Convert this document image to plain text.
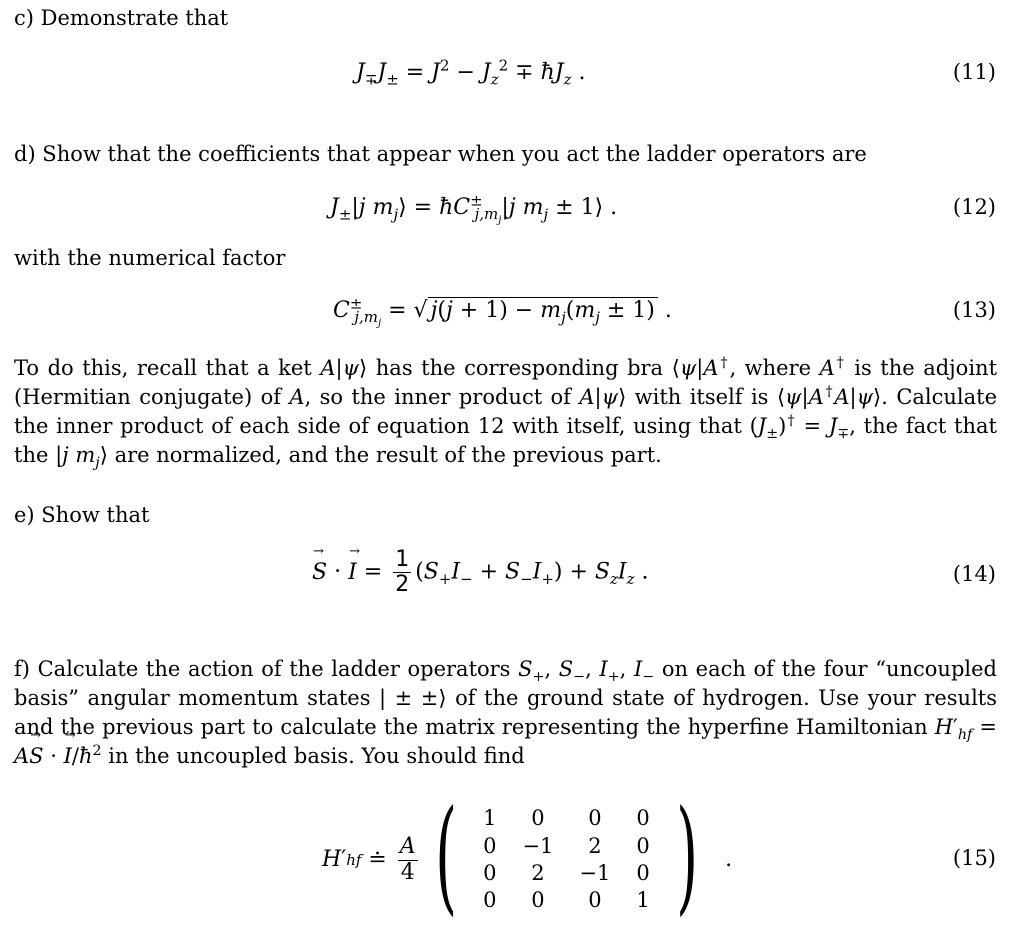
c) Demonstrate that

$J_\mp J_\pm = J^2 - J_z^2$ ∓ $ħJ_z$ .	(11)

d) Show that the coefficients that appear when you act the ladder operators are

$J_\pm|j$ $m_j⟩$ = $ħC^\pm_{j,m_j}|j$ $m_j$ ± 1⟩ .	(12)

with the numerical factor

$C^\pm_{j,m_j}$ = √ $j(j + 1) - m_j(m_j \pm 1)$ .	(13)

To do this, recall that a ket A|ψ⟩ has the corresponding bra ⟨ψ|A†, where A† is the adjoint (Hermitian conjugate) of A, so the inner product of A|ψ⟩ with itself is ⟨ψ|A†A|ψ⟩. Calculate the inner product of each side of equation 12 with itself, using that $(J_\pm)^\dagger = J_\mp$, the fact that the |j $m_j⟩$ are normalized, and the result of the previous part.

e) Show that

S → · I → = $\frac{1}{2} (S_+I_- + S_-I_+) + S_zI_z$ .	(14)

f) Calculate the action of the ladder operators $S_+$, $S_-$, $I_+$, $I_-$ on each of the four “uncoupled basis” angular momentum states | ± ±⟩ of the ground state of hydrogen. Use your results and the previous part to calculate the matrix representing the hyperfine Hamiltonian $H'_{hf}$ = AS → · $I \to/ħ^2$ in the uncoupled basis. You should find

H ′ hf ≐ $\frac{A}{4}$ ( 1	0	0	0
0	−1	2	0
0	2	−1	0
0	0	0	1 ) .	(15)
